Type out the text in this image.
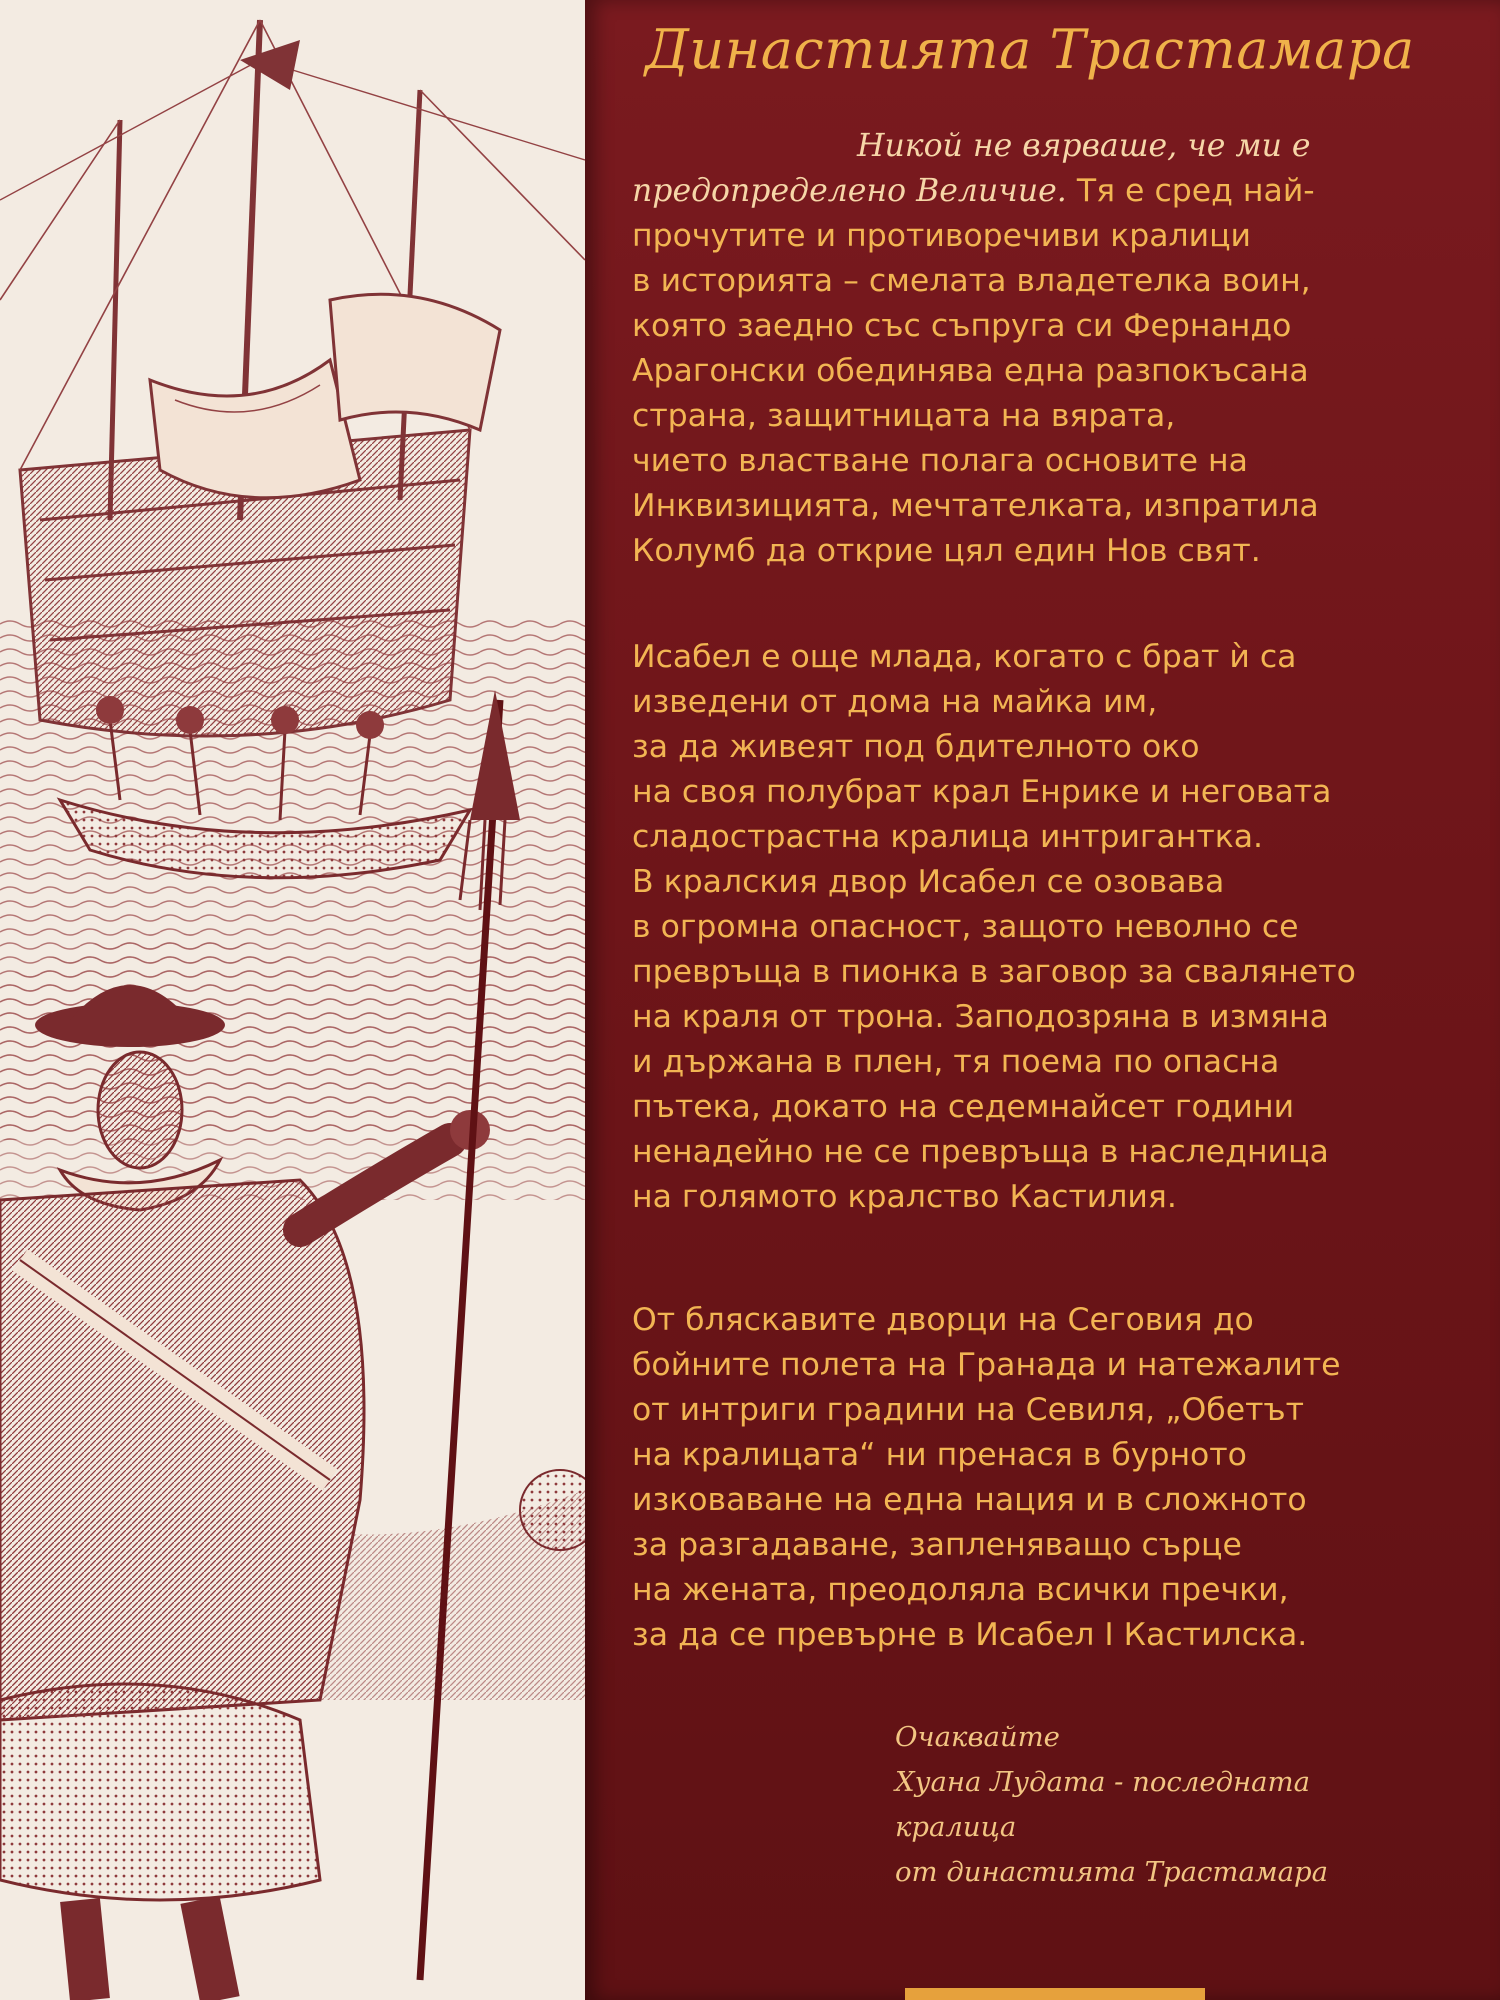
Династията Трастамара

Никой не вярваше, че ми е
предопределено Величие. Тя е сред най-
прочутите и противоречиви кралици
в историята – смелата владетелка воин,
която заедно със съпруга си Фернандо
Арагонски обединява една разпокъсана
страна, защитницата на вярата,
чието властване полага основите на
Инквизицията, мечтателката, изпратила
Колумб да открие цял един Нов свят.

Исабел е още млада, когато с брат ѝ са
изведени от дома на майка им,
за да живеят под бдителното око
на своя полубрат крал Енрике и неговата
сладострастна кралица интригантка.
В кралския двор Исабел се озовава
в огромна опасност, защото неволно се
превръща в пионка в заговор за свалянето
на краля от трона. Заподозряна в измяна
и държана в плен, тя поема по опасна
пътека, докато на седемнайсет години
ненадейно не се превръща в наследница
на голямото кралство Кастилия.

От бляскавите дворци на Сеговия до
бойните полета на Гранада и натежалите
от интриги градини на Севиля, „Обетът
на кралицата“ ни пренася в бурното
изковаване на една нация и в сложното
за разгадаване, запленяващо сърце
на жената, преодоляла всички пречки,
за да се превърне в Исабел I Кастилска.

Очаквайте
Хуана Лудата - последната
кралица
от династията Трастамара
